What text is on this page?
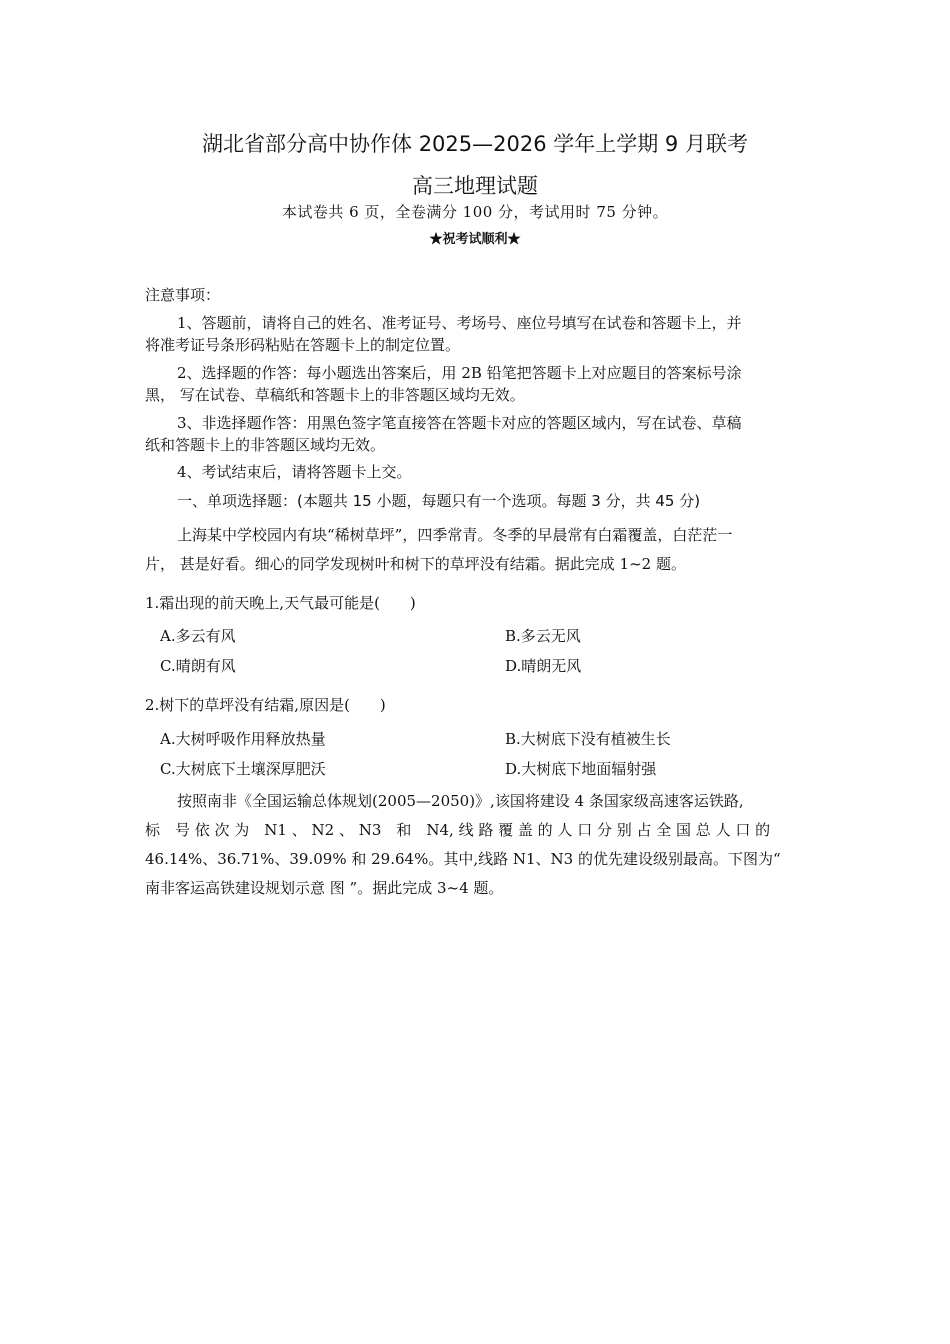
湖北省部分高中协作体 2025—2026 学年上学期 9 月联考
高三地理试题
本试卷共 6 页，全卷满分 100 分，考试用时 75 分钟。
★祝考试顺利★
注意事项：
1、答题前，请将自己的姓名、准考证号、考场号、座位号填写在试卷和答题卡上，并
将准考证号条形码粘贴在答题卡上的制定位置。
2、选择题的作答：每小题选出答案后，用 2B 铅笔把答题卡上对应题目的答案标号涂
黑， 写在试卷、草稿纸和答题卡上的非答题区域均无效。
3、非选择题作答：用黑色签字笔直接答在答题卡对应的答题区域内，写在试卷、草稿
纸和答题卡上的非答题区域均无效。
4、考试结束后，请将答题卡上交。
一、单项选择题：(本题共 15 小题，每题只有一个选项。每题 3 分，共 45 分)
上海某中学校园内有块“稀树草坪”，四季常青。冬季的早晨常有白霜覆盖，白茫茫一
片， 甚是好看。细心的同学发现树叶和树下的草坪没有结霜。据此完成 1~2 题。
1.霜出现的前天晚上,天气最可能是(　　)
A.多云有风	B.多云无风
C.晴朗有风	D.晴朗无风
2.树下的草坪没有结霜,原因是(　　)
A.大树呼吸作用释放热量	B.大树底下没有植被生长
C.大树底下土壤深厚肥沃	D.大树底下地面辐射强
按照南非《全国运输总体规划(2005—2050)》,该国将建设 4 条国家级高速客运铁路,
标　号 依 次 为　N1 、 N2 、 N3　和　N4, 线 路 覆 盖 的 人 口 分 别 占 全 国 总 人 口 的
46.14%、36.71%、39.09% 和 29.64%。其中,线路 N1、N3 的优先建设级别最高。下图为“
南非客运高铁建设规划示意 图 ”。据此完成 3~4 题。
